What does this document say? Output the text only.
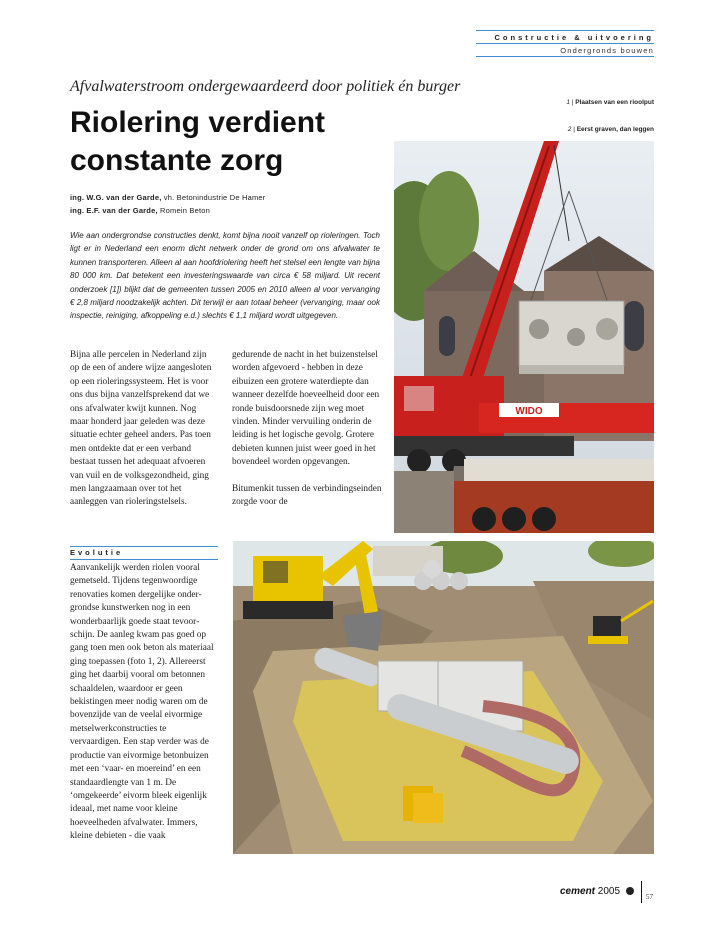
Constructie & uitvoering
Ondergronds bouwen
Afvalwaterstroom ondergewaardeerd door politiek én burger
Riolering verdient constante zorg
1 | Plaatsen van een rioolput
2 | Eerst graven, dan leggen
ing. W.G. van der Garde, vh. Betonindustrie De Hamer
ing. E.F. van der Garde, Romein Beton
Wie aan ondergrondse constructies denkt, komt bijna nooit vanzelf op rioleringen. Toch ligt er in Nederland een enorm dicht netwerk onder de grond om ons afvalwater te kunnen transporteren. Alleen al aan hoofdriolering heeft het stelsel een lengte van bijna 80 000 km. Dat betekent een investeringswaarde van circa € 58 miljard. Uit recent onderzoek [1]) blijkt dat de gemeenten tussen 2005 en 2010 alleen al voor vervanging € 2,8 miljard noodzakelijk achten. Dit terwijl er aan totaal beheer (vervanging, maar ook inspectie, reiniging, afkoppeling e.d.) slechts € 1,1 miljard wordt uitgegeven.
WIDO
Bijna alle percelen in Nederland zijn op de een of andere wijze aangesloten op een rioleringssysteem. Het is voor ons dus bijna vanzelfsprekend dat we ons afvalwater kwijt kunnen. Nog maar honderd jaar geleden was deze situatie echter geheel anders. Pas toen men ontdekte dat er een verband bestaat tussen het adequaat afvoeren van vuil en de volksgezondheid, ging men langzaamaan over tot het aanleggen van rioleringstelsels.

gedurende de nacht in het buizenstelsel worden afgevoerd - hebben in deze eibuizen een grotere waterdiepte dan wanneer dezelfde hoeveelheid door een ronde buisdoorsnede zijn weg moet vinden. Minder vervuiling onderin de leiding is het logische gevolg. Grotere debieten kunnen juist weer goed in het bovendeel worden opgevangen.

Bitumenkit tussen de verbindingseinden zorgde voor de

Evolutie
Aanvankelijk werden riolen vooral gemetseld. Tijdens tegenwoordige renovaties komen dergelijke ondergrondse kunstwerken nog in een wonderbaarlijk goede staat tevoorschijn. De aanleg kwam pas goed op gang toen men ook beton als materiaal ging toepassen (foto 1, 2). Allereerst ging het daarbij vooral om betonnen schaaldelen, waardoor er geen bekistingen meer nodig waren om de bovenzijde van de veelal eivormige metselwerkconstructies te vervaardigen. Een stap verder was de productie van eivormige betonbuizen met een ‘vaar- en moereind’ en een standaardlengte van 1 m. De ‘omgekeerde’ eivorm bleek eigenlijk ideaal, met name voor kleine hoeveelheden afvalwater. Immers, kleine debieten - die vaak
cement 2005	57
